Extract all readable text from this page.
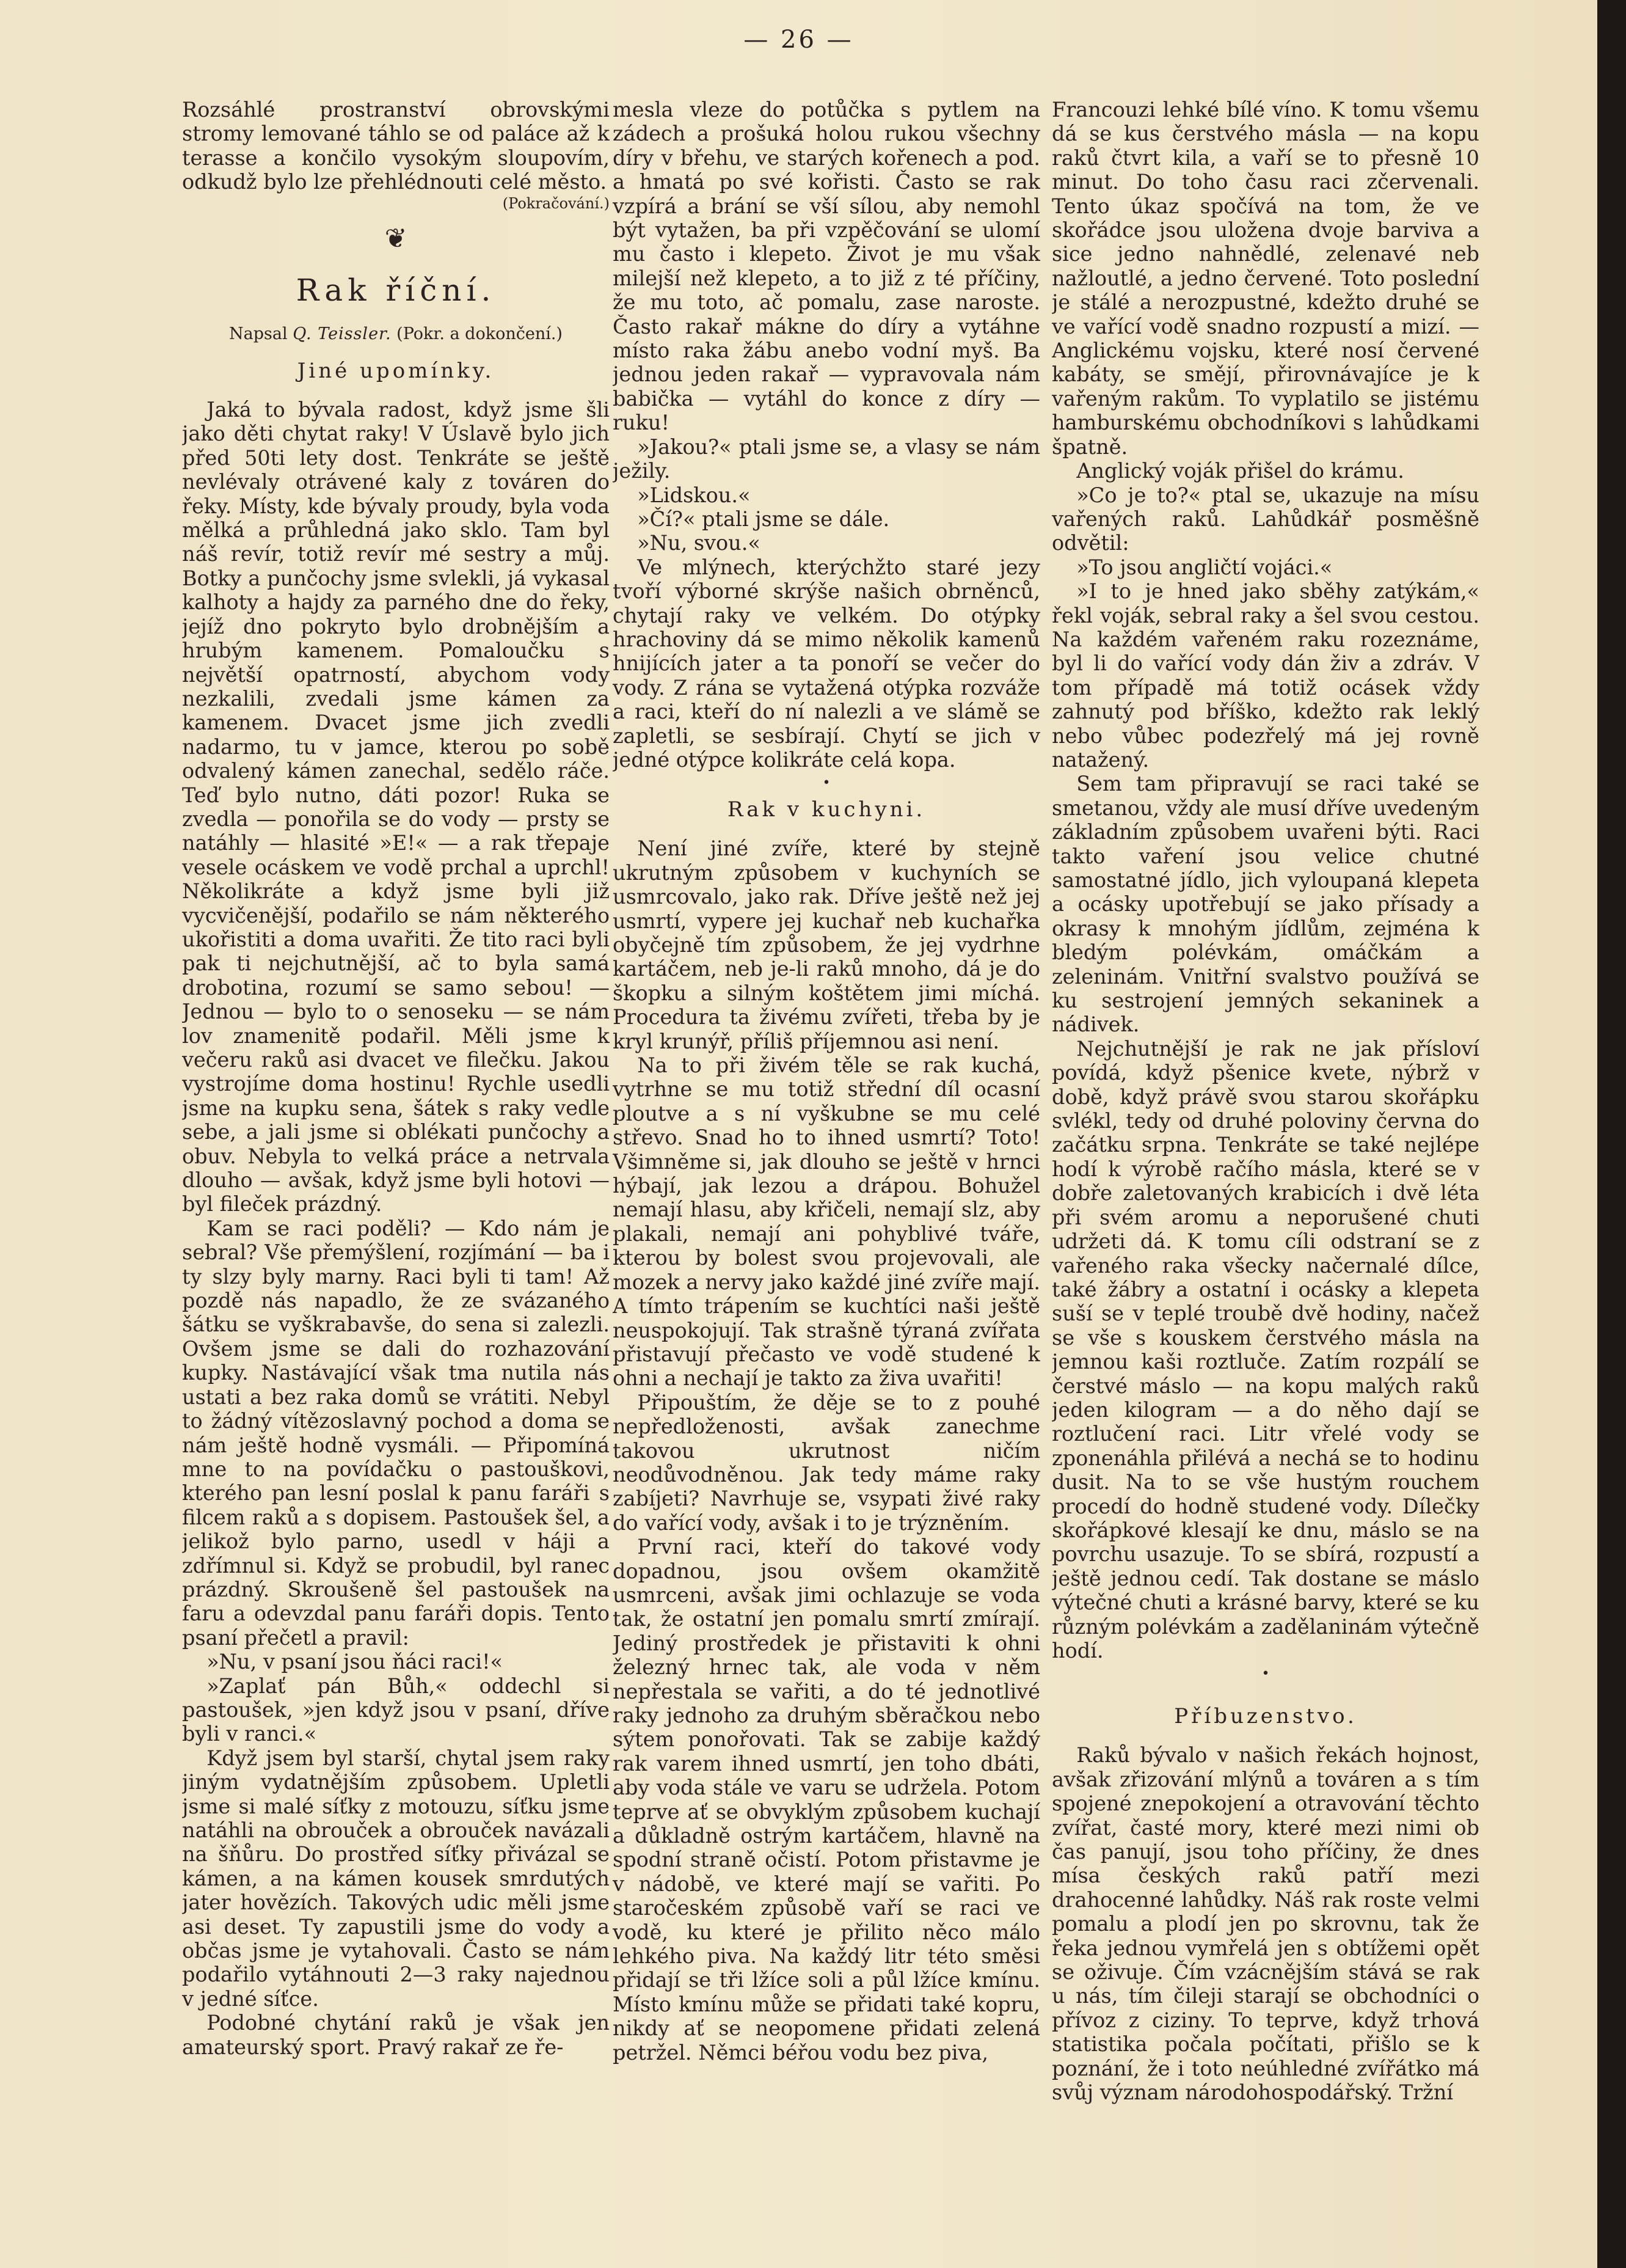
— 26 —

Rozsáhlé prostranství obrovskými stromy lemované táhlo se od paláce až k terasse a končilo vysokým sloupovím, odkudž bylo lze přehlédnouti celé město.

(Pokračování.)
❦
Rak říční.
Napsal Q. Teissler. (Pokr. a dokončení.)
Jiné upomínky.

Jaká to bývala radost, když jsme šli jako děti chytat raky! V Úslavě bylo jich před 50ti lety dost. Tenkráte se ještě nevlévaly otrávené kaly z továren do řeky. Místy, kde bývaly proudy, byla voda mělká a průhledná jako sklo. Tam byl náš revír, totiž revír mé sestry a můj. Botky a punčochy jsme svlekli, já vykasal kalhoty a hajdy za parného dne do řeky, jejíž dno pokryto bylo drobnějším a hrubým kamenem. Pomaloučku s největší opatrností, abychom vody nezkalili, zvedali jsme kámen za kamenem. Dvacet jsme jich zvedli nadarmo, tu v jamce, kterou po sobě odvalený kámen zanechal, sedělo ráče. Teď bylo nutno, dáti pozor! Ruka se zvedla — ponořila se do vody — prsty se natáhly — hlasité »E!« — a rak třepaje vesele ocáskem ve vodě prchal a uprchl! Několikráte a když jsme byli již vycvičenější, podařilo se nám některého ukořistiti a doma uvařiti. Že tito raci byli pak ti nejchutnější, ač to byla samá drobotina, rozumí se samo sebou! — Jednou — bylo to o senoseku — se nám lov znamenitě podařil. Měli jsme k večeru raků asi dvacet ve filečku. Jakou vystrojíme doma hostinu! Rychle usedli jsme na kupku sena, šátek s raky vedle sebe, a jali jsme si oblékati punčochy a obuv. Nebyla to velká práce a netrvala dlouho — avšak, když jsme byli hotovi — byl fileček prázdný.

Kam se raci poděli? — Kdo nám je sebral? Vše přemýšlení, rozjímání — ba i ty slzy byly marny. Raci byli ti tam! Až pozdě nás napadlo, že ze svázaného šátku se vyškrabavše, do sena si zalezli. Ovšem jsme se dali do rozhazování kupky. Nastávající však tma nutila nás ustati a bez raka domů se vrátiti. Nebyl to žádný vítězoslavný pochod a doma se nám ještě hodně vysmáli. — Připomíná mne to na povídačku o pastouškovi, kterého pan lesní poslal k panu faráři s filcem raků a s dopisem. Pastoušek šel, a jelikož bylo parno, usedl v háji a zdřímnul si. Když se probudil, byl ranec prázdný. Skroušeně šel pastoušek na faru a odevzdal panu faráři dopis. Tento psaní přečetl a pravil:

»Nu, v psaní jsou ňáci raci!«

»Zaplať pán Bůh,« oddechl si pastoušek, »jen když jsou v psaní, dříve byli v ranci.«

Když jsem byl starší, chytal jsem raky jiným vydatnějším způsobem. Upletli jsme si malé síťky z motouzu, síťku jsme natáhli na obrouček a obrouček navázali na šňůru. Do prostřed síťky přivázal se kámen, a na kámen kousek smrdutých jater hovězích. Takových udic měli jsme asi deset. Ty zapustili jsme do vody a občas jsme je vytahovali. Často se nám podařilo vytáhnouti 2—3 raky najednou v jedné síťce.

Podobné chytání raků je však jen amateurský sport. Pravý rakař ze ře-

mesla vleze do potůčka s pytlem na zádech a prošuká holou rukou všechny díry v břehu, ve starých kořenech a pod. a hmatá po své kořisti. Často se rak vzpírá a brání se vší sílou, aby nemohl být vytažen, ba při vzpěčování se ulomí mu často i klepeto. Život je mu však milejší než klepeto, a to již z té příčiny, že mu toto, ač pomalu, zase naroste. Často rakař mákne do díry a vytáhne místo raka žábu anebo vodní myš. Ba jednou jeden rakař — vypravovala nám babička — vytáhl do konce z díry — ruku!

»Jakou?« ptali jsme se, a vlasy se nám ježily.

»Lidskou.«

»Čí?« ptali jsme se dále.

»Nu, svou.«

Ve mlýnech, kterýchžto staré jezy tvoří výborné skrýše našich obrněnců, chytají raky ve velkém. Do otýpky hrachoviny dá se mimo několik kamenů hnijících jater a ta ponoří se večer do vody. Z rána se vytažená otýpka rozváže a raci, kteří do ní nalezli a ve slámě se zapletli, se sesbírají. Chytí se jich v jedné otýpce kolikráte celá kopa.

•
Rak v kuchyni.

Není jiné zvíře, které by stejně ukrutným způsobem v kuchyních se usmrcovalo, jako rak. Dříve ještě než jej usmrtí, vypere jej kuchař neb kuchařka obyčejně tím způsobem, že jej vydrhne kartáčem, neb je-li raků mnoho, dá je do škopku a silným koštětem jimi míchá. Procedura ta živému zvířeti, třeba by je kryl krunýř, příliš příjemnou asi není.

Na to při živém těle se rak kuchá, vytrhne se mu totiž střední díl ocasní ploutve a s ní vyškubne se mu celé střevo. Snad ho to ihned usmrtí? Toto! Všimněme si, jak dlouho se ještě v hrnci hýbají, jak lezou a drápou. Bohužel nemají hlasu, aby křičeli, nemají slz, aby plakali, nemají ani pohyblivé tváře, kterou by bolest svou projevovali, ale mozek a nervy jako každé jiné zvíře mají. A tímto trápením se kuchtíci naši ještě neuspokojují. Tak strašně týraná zvířata přistavují přečasto ve vodě studené k ohni a nechají je takto za živa uvařiti!

Připouštím, že děje se to z pouhé nepředloženosti, avšak zanechme takovou ukrutnost ničím neodůvodněnou. Jak tedy máme raky zabíjeti? Navrhuje se, vsypati živé raky do vařící vody, avšak i to je trýzněním.

První raci, kteří do takové vody dopadnou, jsou ovšem okamžitě usmrceni, avšak jimi ochlazuje se voda tak, že ostatní jen pomalu smrtí zmírají. Jediný prostředek je přistaviti k ohni železný hrnec tak, ale voda v něm nepřestala se vařiti, a do té jednotlivé raky jednoho za druhým sběračkou nebo sýtem ponořovati. Tak se zabije každý rak varem ihned usmrtí, jen toho dbáti, aby voda stále ve varu se udržela. Potom teprve ať se obvyklým způsobem kuchají a důkladně ostrým kartáčem, hlavně na spodní straně očistí. Potom přistavme je v nádobě, ve které mají se vařiti. Po staročeském způsobě vaří se raci ve vodě, ku které je přilito něco málo lehkého piva. Na každý litr této směsi přidají se tři lžíce soli a půl lžíce kmínu. Místo kmínu může se přidati také kopru, nikdy ať se neopomene přidati zelená petržel. Němci béřou vodu bez piva,

Francouzi lehké bílé víno. K tomu všemu dá se kus čerstvého másla — na kopu raků čtvrt kila, a vaří se to přesně 10 minut. Do toho času raci zčervenali. Tento úkaz spočívá na tom, že ve skořádce jsou uložena dvoje barviva a sice jedno nahnědlé, zelenavé neb nažloutlé, a jedno červené. Toto poslední je stálé a nerozpustné, kdežto druhé se ve vařící vodě snadno rozpustí a mizí. — Anglickému vojsku, které nosí červené kabáty, se smějí, přirovnávajíce je k vařeným rakům. To vyplatilo se jistému hamburskému obchodníkovi s lahůdkami špatně.

Anglický voják přišel do krámu.

»Co je to?« ptal se, ukazuje na mísu vařených raků. Lahůdkář posměšně odvětil:

»To jsou angličtí vojáci.«

»I to je hned jako sběhy zatýkám,« řekl voják, sebral raky a šel svou cestou. Na každém vařeném raku rozeznáme, byl li do vařící vody dán živ a zdráv. V tom případě má totiž ocásek vždy zahnutý pod bříško, kdežto rak leklý nebo vůbec podezřelý má jej rovně natažený.

Sem tam připravují se raci také se smetanou, vždy ale musí dříve uvedeným základním způsobem uvařeni býti. Raci takto vaření jsou velice chutné samostatné jídlo, jich vyloupaná klepeta a ocásky upotřebují se jako přísady a okrasy k mnohým jídlům, zejména k bledým polévkám, omáčkám a zeleninám. Vnitřní svalstvo používá se ku sestrojení jemných sekaninek a nádivek.

Nejchutnější je rak ne jak přísloví povídá, když pšenice kvete, nýbrž v době, když právě svou starou skořápku svlékl, tedy od druhé poloviny června do začátku srpna. Tenkráte se také nejlépe hodí k výrobě račího másla, které se v dobře zaletovaných krabicích i dvě léta při svém aromu a neporušené chuti udržeti dá. K tomu cíli odstraní se z vařeného raka všecky načernalé dílce, také žábry a ostatní i ocásky a klepeta suší se v teplé troubě dvě hodiny, načež se vše s kouskem čerstvého másla na jemnou kaši roztluče. Zatím rozpálí se čerstvé máslo — na kopu malých raků jeden kilogram — a do něho dají se roztlučení raci. Litr vřelé vody se zponenáhla přilévá a nechá se to hodinu dusit. Na to se vše hustým rouchem procedí do hodně studené vody. Dílečky skořápkové klesají ke dnu, máslo se na povrchu usazuje. To se sbírá, rozpustí a ještě jednou cedí. Tak dostane se máslo výtečné chuti a krásné barvy, které se ku různým polévkám a zadělaninám výtečně hodí.

•
Příbuzenstvo.

Raků bývalo v našich řekách hojnost, avšak zřizování mlýnů a továren a s tím spojené znepokojení a otravování těchto zvířat, časté mory, které mezi nimi ob čas panují, jsou toho příčiny, že dnes mísa českých raků patří mezi drahocenné lahůdky. Náš rak roste velmi pomalu a plodí jen po skrovnu, tak že řeka jednou vymřelá jen s obtížemi opět se oživuje. Čím vzácnějším stává se rak u nás, tím čileji starají se obchodníci o přívoz z ciziny. To teprve, když trhová statistika počala počítati, přišlo se k poznání, že i toto neúhledné zvířátko má svůj význam národohospodářský. Tržní
